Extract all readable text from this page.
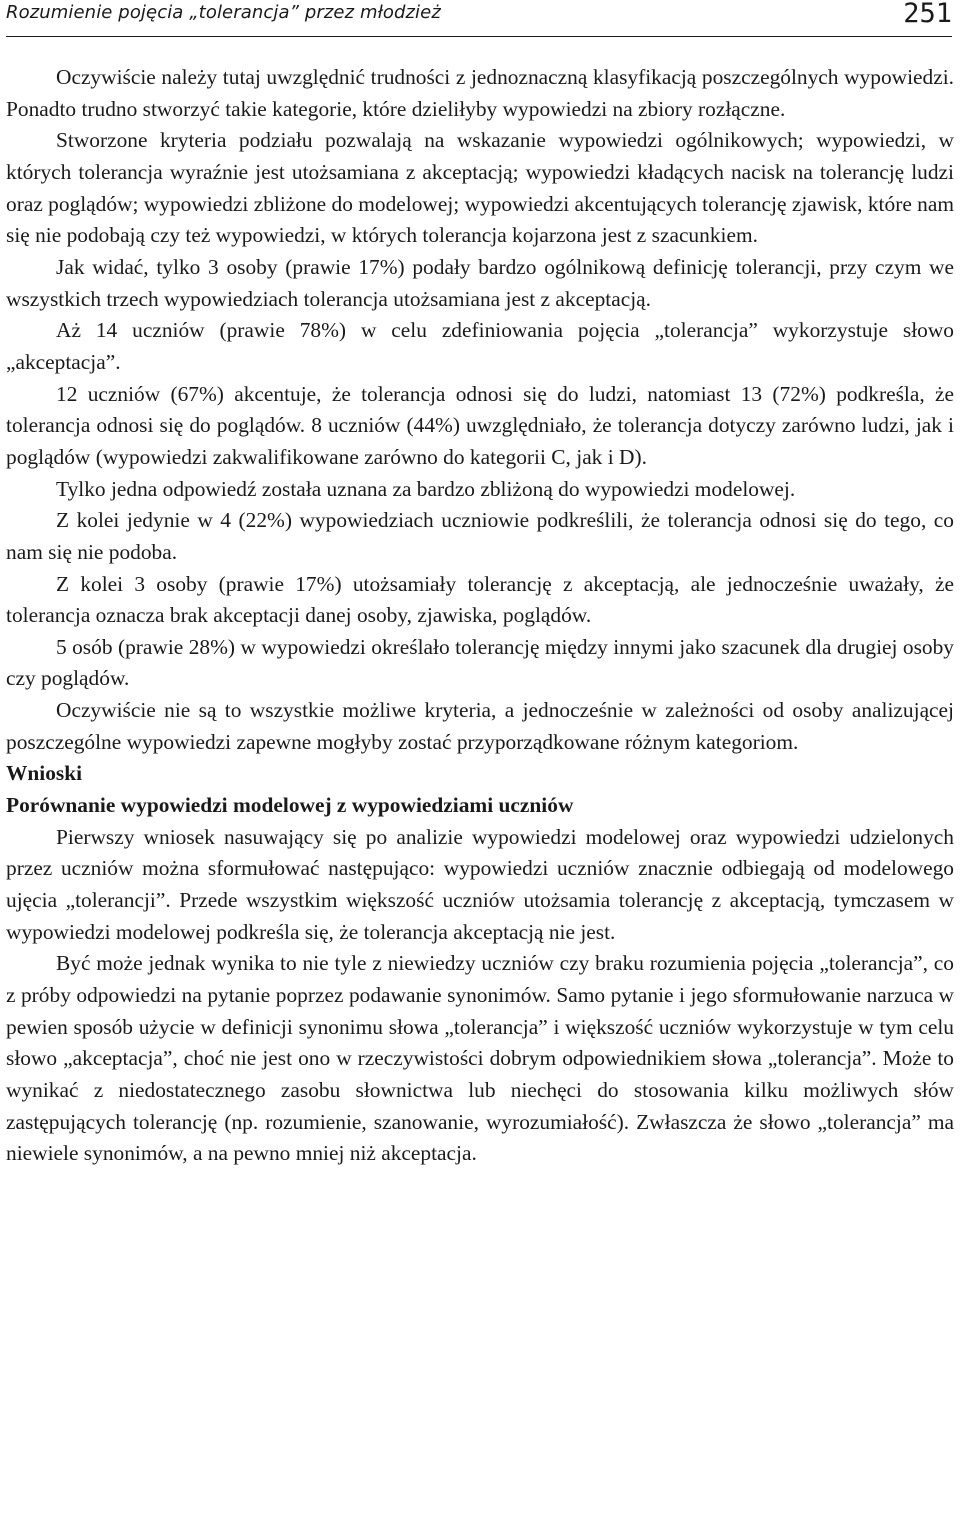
Rozumienie pojęcia „tolerancja” przez młodzież	251

Oczywiście należy tutaj uwzględnić trudności z jednoznaczną klasyfikacją poszczególnych wypowiedzi. Ponadto trudno stworzyć takie kategorie, które dzieliłyby wypowiedzi na zbiory rozłączne.

Stworzone kryteria podziału pozwalają na wskazanie wypowiedzi ogólnikowych; wypowiedzi, w których tolerancja wyraźnie jest utożsamiana z akceptacją; wypowiedzi kładących nacisk na tolerancję ludzi oraz poglądów; wypowiedzi zbliżone do modelowej; wypowiedzi akcentujących tolerancję zjawisk, które nam się nie podobają czy też wypowiedzi, w których tolerancja kojarzona jest z szacunkiem.

Jak widać, tylko 3 osoby (prawie 17%) podały bardzo ogólnikową definicję tolerancji, przy czym we wszystkich trzech wypowiedziach tolerancja utożsamiana jest z akceptacją.

Aż 14 uczniów (prawie 78%) w celu zdefiniowania pojęcia „tolerancja” wykorzystuje słowo „akceptacja”.

12 uczniów (67%) akcentuje, że tolerancja odnosi się do ludzi, natomiast 13 (72%) podkreśla, że tolerancja odnosi się do poglądów. 8 uczniów (44%) uwzględniało, że tolerancja dotyczy zarówno ludzi, jak i poglądów (wypowiedzi zakwalifikowane zarówno do kategorii C, jak i D).

Tylko jedna odpowiedź została uznana za bardzo zbliżoną do wypowiedzi modelowej.

Z kolei jedynie w 4 (22%) wypowiedziach uczniowie podkreślili, że tolerancja odnosi się do tego, co nam się nie podoba.

Z kolei 3 osoby (prawie 17%) utożsamiały tolerancję z akceptacją, ale jednocześnie uważały, że tolerancja oznacza brak akceptacji danej osoby, zjawiska, poglądów.

5 osób (prawie 28%) w wypowiedzi określało tolerancję między innymi jako szacunek dla drugiej osoby czy poglądów.

Oczywiście nie są to wszystkie możliwe kryteria, a jednocześnie w zależności od osoby analizującej poszczególne wypowiedzi zapewne mogłyby zostać przyporządkowane różnym kategoriom.

Wnioski
Porównanie wypowiedzi modelowej z wypowiedziami uczniów

Pierwszy wniosek nasuwający się po analizie wypowiedzi modelowej oraz wypowiedzi udzielonych przez uczniów można sformułować następująco: wypowiedzi uczniów znacznie odbiegają od modelowego ujęcia „tolerancji”. Przede wszystkim większość uczniów utożsamia tolerancję z akceptacją, tymczasem w wypowiedzi modelowej podkreśla się, że tolerancja akceptacją nie jest.

Być może jednak wynika to nie tyle z niewiedzy uczniów czy braku rozumienia pojęcia „tolerancja”, co z próby odpowiedzi na pytanie poprzez podawanie synonimów. Samo pytanie i jego sformułowanie narzuca w pewien sposób użycie w definicji synonimu słowa „tolerancja” i większość uczniów wykorzystuje w tym celu słowo „akceptacja”, choć nie jest ono w rzeczywistości dobrym odpowiednikiem słowa „tolerancja”. Może to wynikać z niedostatecznego zasobu słownictwa lub niechęci do stosowania kilku możliwych słów zastępujących tolerancję (np. rozumienie, szanowanie, wyrozumiałość). Zwłaszcza że słowo „tolerancja” ma niewiele synonimów, a na pewno mniej niż akceptacja.
